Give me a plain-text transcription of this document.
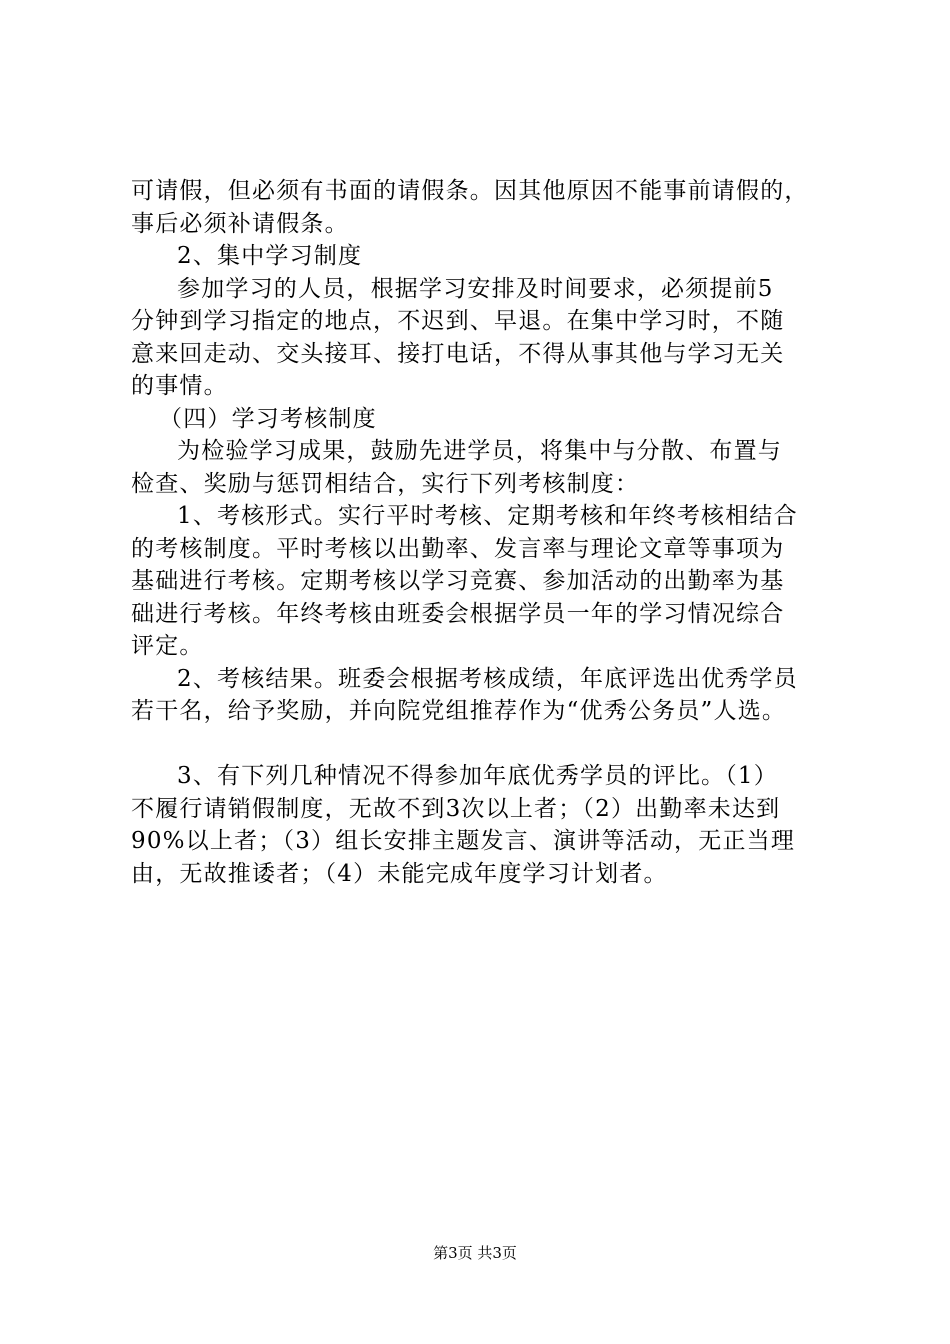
可请假，但必须有书面的请假条。因其他原因不能事前请假的，
事后必须补请假条。
2、集中学习制度
参加学习的人员，根据学习安排及时间要求，必须提前5
分钟到学习指定的地点，不迟到、早退。在集中学习时，不随
意来回走动、交头接耳、接打电话，不得从事其他与学习无关
的事情。
（四）学习考核制度
为检验学习成果，鼓励先进学员，将集中与分散、布置与
检查、奖励与惩罚相结合，实行下列考核制度：
1、考核形式。实行平时考核、定期考核和年终考核相结合
的考核制度。平时考核以出勤率、发言率与理论文章等事项为
基础进行考核。定期考核以学习竞赛、参加活动的出勤率为基
础进行考核。年终考核由班委会根据学员一年的学习情况综合
评定。
2、考核结果。班委会根据考核成绩，年底评选出优秀学员
若干名，给予奖励，并向院党组推荐作为“优秀公务员”人选。
3、有下列几种情况不得参加年底优秀学员的评比。（1）
不履行请销假制度，无故不到3次以上者；（2）出勤率未达到
90%以上者；（3）组长安排主题发言、演讲等活动，无正当理
由，无故推诿者；（4）未能完成年度学习计划者。
第3页 共3页
